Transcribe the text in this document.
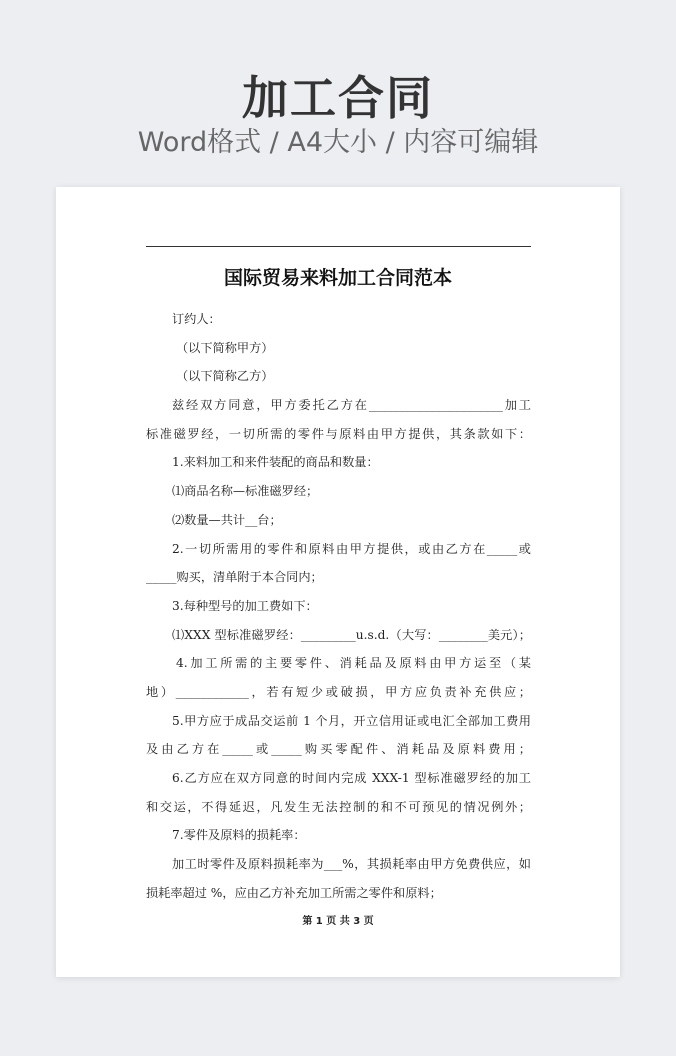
加工合同
Word格式 / A4大小 / 内容可编辑
国际贸易来料加工合同范本
订约人：
（以下简称甲方）
（以下简称乙方）
兹经双方同意，甲方委托乙方在______________________加工
标准磁罗经，一切所需的零件与原料由甲方提供，其条款如下：
1.来料加工和来件装配的商品和数量：
⑴商品名称—标准磁罗经；
⑵数量—共计__台；
2.一切所需用的零件和原料由甲方提供，或由乙方在_____或
_____购买，清单附于本合同内；
3.每种型号的加工费如下：
⑴XXX 型标准磁罗经：_________u.s.d.（大写：________美元）；
4.加工所需的主要零件、消耗品及原料由甲方运至（某
地）____________，若有短少或破损，甲方应负责补充供应；
5.甲方应于成品交运前 1 个月，开立信用证或电汇全部加工费用
及由乙方在_____或_____购买零配件、消耗品及原料费用；
6.乙方应在双方同意的时间内完成 XXX-1 型标准磁罗经的加工
和交运，不得延迟，凡发生无法控制的和不可预见的情况例外；
7.零件及原料的损耗率：
加工时零件及原料损耗率为___%，其损耗率由甲方免费供应，如
损耗率超过 %，应由乙方补充加工所需之零件和原料；
第 1 页 共 3 页
